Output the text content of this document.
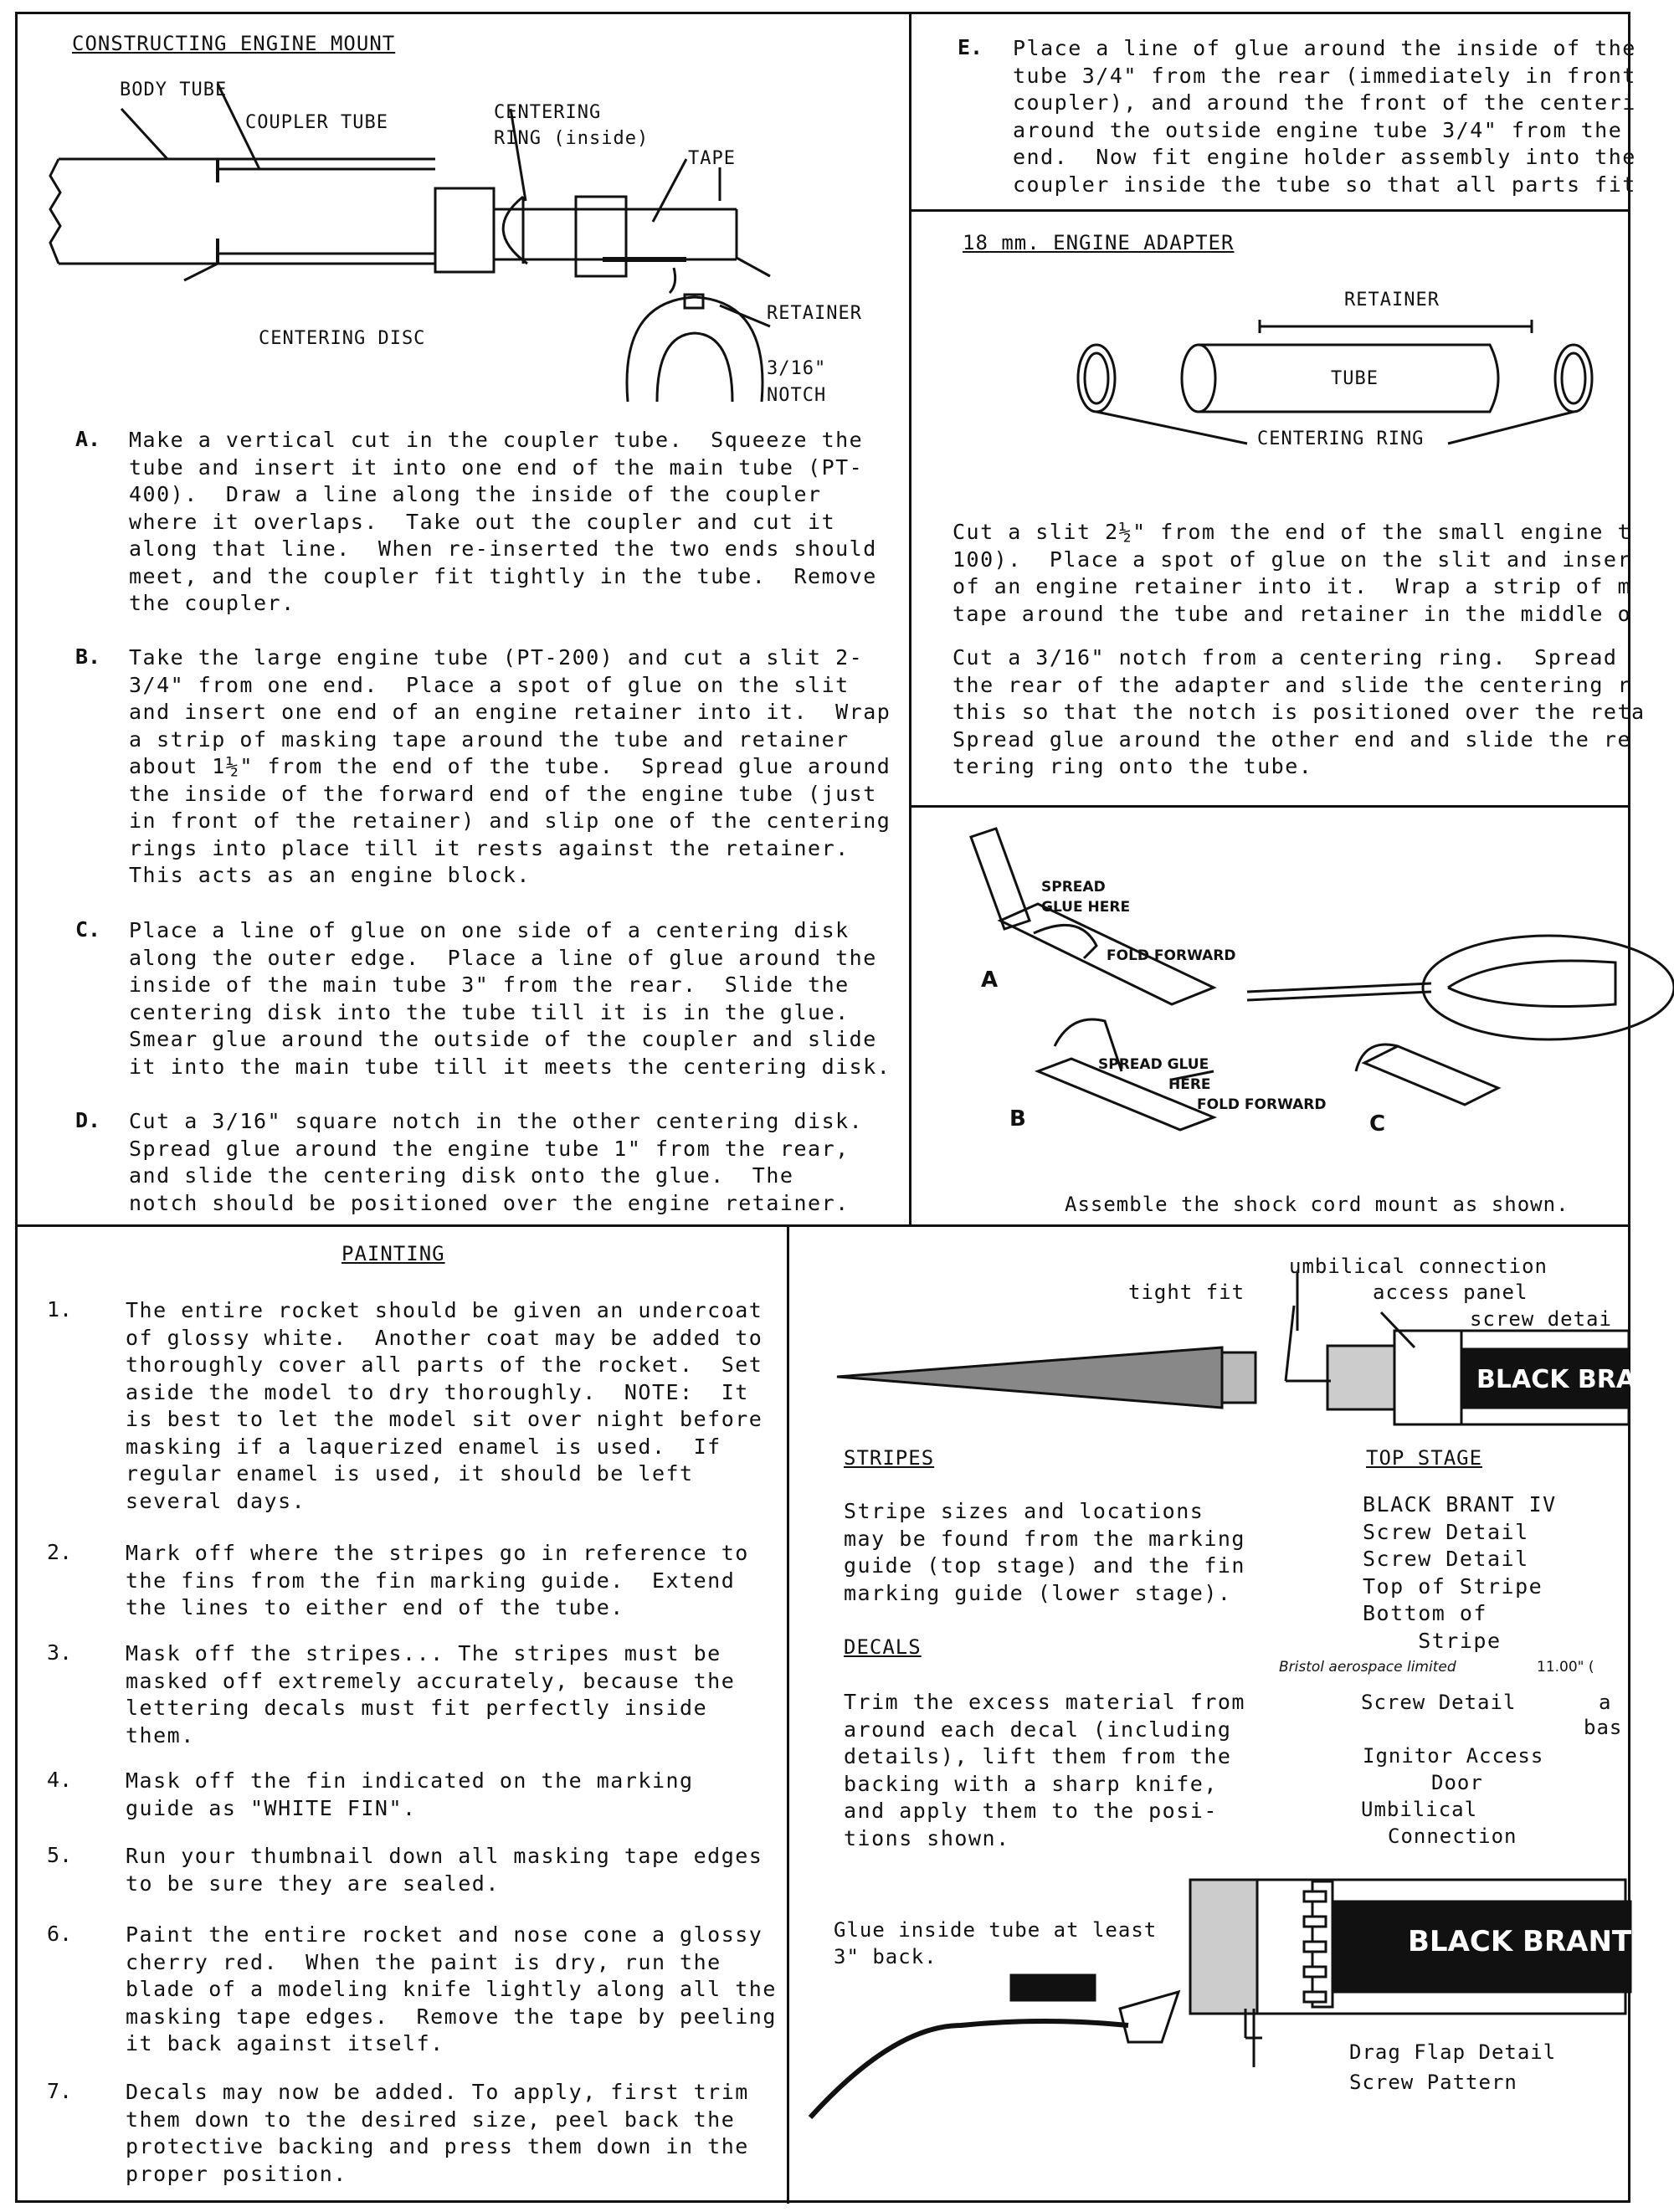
CONSTRUCTING ENGINE MOUNT
BODY TUBE
COUPLER TUBE	CENTERING
RING (inside)
TAPE
RETAINER
CENTERING DISC
3/16"
NOTCH
A. Make a vertical cut in the coupler tube.  Squeeze the
tube and insert it into one end of the main tube (PT-
400).  Draw a line along the inside of the coupler
where it overlaps.  Take out the coupler and cut it
along that line.  When re-inserted the two ends should
meet, and the coupler fit tightly in the tube.  Remove
the coupler.
B. Take the large engine tube (PT-200) and cut a slit 2-
3/4" from one end.  Place a spot of glue on the slit
and insert one end of an engine retainer into it.  Wrap
a strip of masking tape around the tube and retainer
about 1½" from the end of the tube.  Spread glue around
the inside of the forward end of the engine tube (just
in front of the retainer) and slip one of the centering
rings into place till it rests against the retainer.
This acts as an engine block.
C. Place a line of glue on one side of a centering disk
along the outer edge.  Place a line of glue around the
inside of the main tube 3" from the rear.  Slide the
centering disk into the tube till it is in the glue.
Smear glue around the outside of the coupler and slide
it into the main tube till it meets the centering disk.
D. Cut a 3/16" square notch in the other centering disk.
Spread glue around the engine tube 1" from the rear,
and slide the centering disk onto the glue.  The
notch should be positioned over the engine retainer.
E. Place a line of glue around the inside of the
tube 3/4" from the rear (immediately in front
coupler), and around the front of the centeri
around the outside engine tube 3/4" from the
end.  Now fit engine holder assembly into the
coupler inside the tube so that all parts fit
18 mm. ENGINE ADAPTER
RETAINER
TUBE
CENTERING RING
Cut a slit 2½" from the end of the small engine t
100).  Place a spot of glue on the slit and inser
of an engine retainer into it.  Wrap a strip of m
tape around the tube and retainer in the middle o
Cut a 3/16" notch from a centering ring.  Spread
the rear of the adapter and slide the centering r
this so that the notch is positioned over the reta
Spread glue around the other end and slide the re
tering ring onto the tube.
SPREAD
GLUE HERE
FOLD FORWARD
SPREAD GLUE
HERE
FOLD FORWARD
A
B	C
Assemble the shock cord mount as shown.
PAINTING
1.	The entire rocket should be given an undercoat
of glossy white.  Another coat may be added to
thoroughly cover all parts of the rocket.  Set
aside the model to dry thoroughly.  NOTE:  It
is best to let the model sit over night before
masking if a laquerized enamel is used.  If
regular enamel is used, it should be left
several days.
2.	Mark off where the stripes go in reference to
the fins from the fin marking guide.  Extend
the lines to either end of the tube.
3.	Mask off the stripes... The stripes must be
masked off extremely accurately, because the
lettering decals must fit perfectly inside
them.
4.	Mask off the fin indicated on the marking
guide as "WHITE FIN".
5.	Run your thumbnail down all masking tape edges
to be sure they are sealed.
6.	Paint the entire rocket and nose cone a glossy
cherry red.  When the paint is dry, run the
blade of a modeling knife lightly along all the
masking tape edges.  Remove the tape by peeling
it back against itself.
7.	Decals may now be added. To apply, first trim
them down to the desired size, peel back the
protective backing and press them down in the
proper position.
BLACK BRANT
tight fit
umbilical connection
access panel
screw detai
STRIPES
Stripe sizes and locations
may be found from the marking
guide (top stage) and the fin
marking guide (lower stage).
DECALS
Trim the excess material from
around each decal (including
details), lift them from the
backing with a sharp knife,
and apply them to the posi-
tions shown.
TOP STAGE
BLACK BRANT IV
Screw Detail
Screw Detail
Top of Stripe
Bottom of
Stripe
Bristol aerospace limited	11.00" (
Screw Detail	a
bas
Ignitor Access
Door
Umbilical
Connection
BLACK BRANT IV
Glue inside tube at least
3" back.
Drag Flap Detail
Screw Pattern
